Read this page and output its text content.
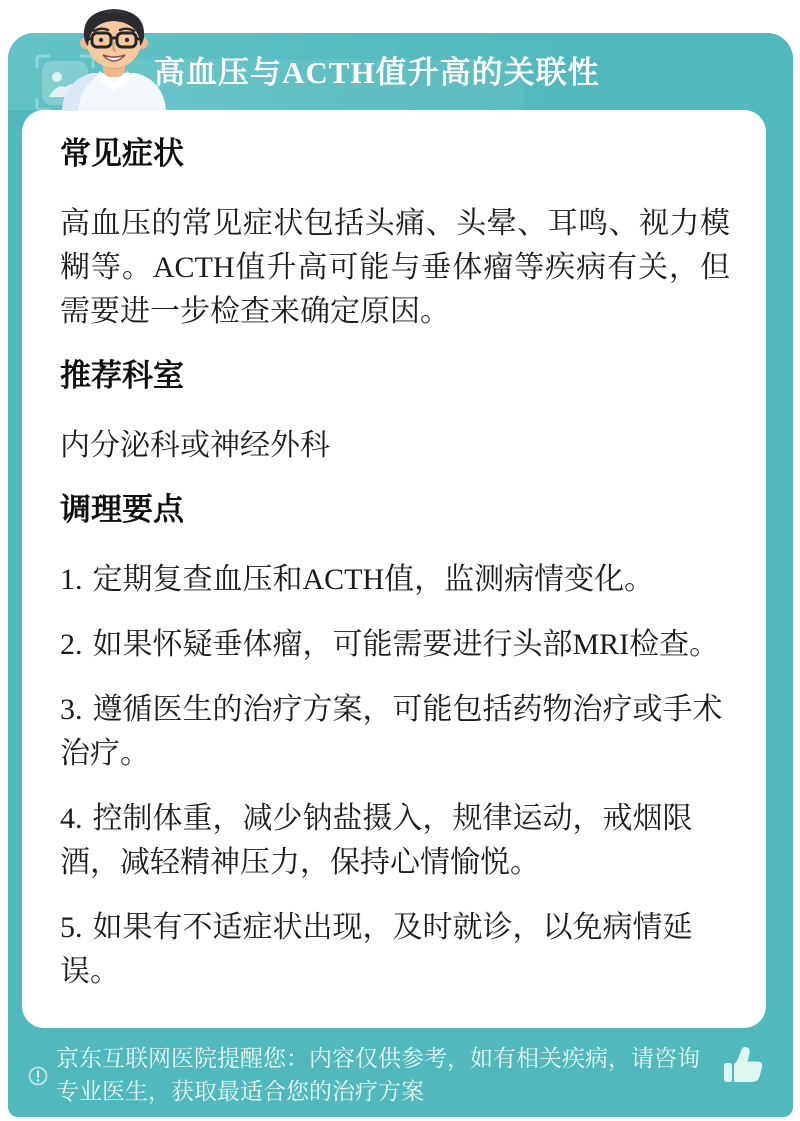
高血压与ACTH值升高的关联性
常见症状

高血压的常见症状包括头痛、头晕、耳鸣、视力模糊等。ACTH值升高可能与垂体瘤等疾病有关，但需要进一步检查来确定原因。

推荐科室

内分泌科或神经外科

调理要点
1. 定期复查血压和ACTH值，监测病情变化。
2. 如果怀疑垂体瘤，可能需要进行头部MRI检查。
3. 遵循医生的治疗方案，可能包括药物治疗或手术治疗。
4. 控制体重，减少钠盐摄入，规律运动，戒烟限酒，减轻精神压力，保持心情愉悦。
5. 如果有不适症状出现，及时就诊，以免病情延误。
京东互联网医院提醒您：内容仅供参考，如有相关疾病，请咨询专业医生，获取最适合您的治疗方案
